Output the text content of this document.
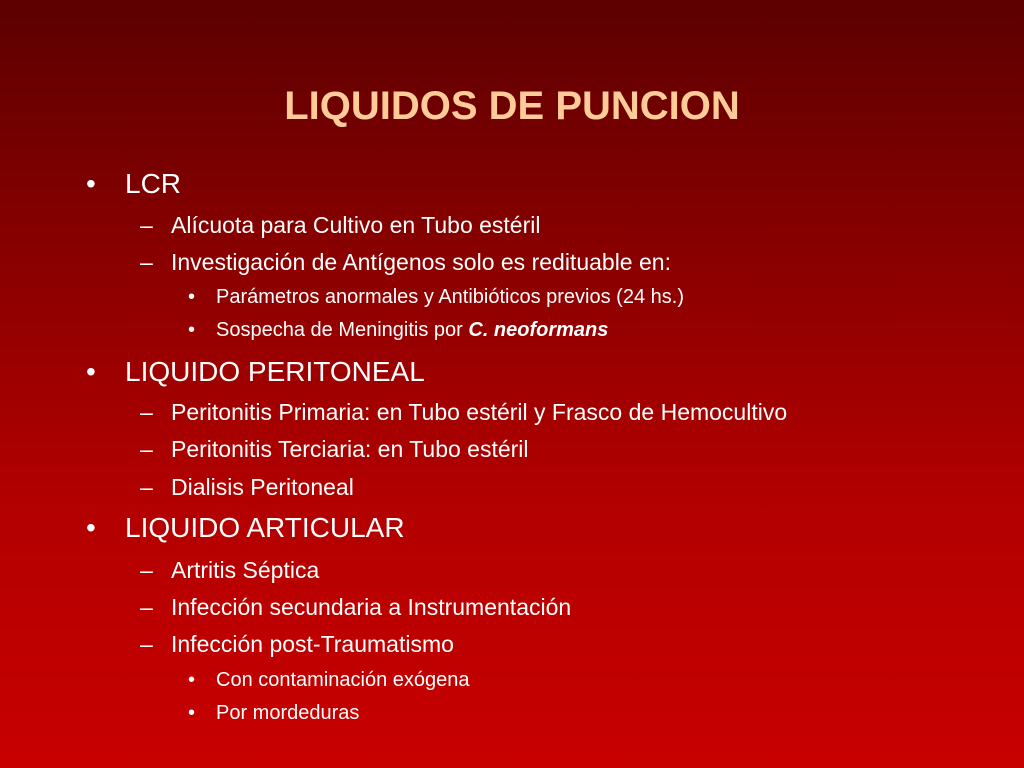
LIQUIDOS DE PUNCION
• LCR
– Alícuota para Cultivo en Tubo estéril
– Investigación de Antígenos solo es redituable en:
• Parámetros anormales y Antibióticos previos (24 hs.)
• Sospecha de Meningitis por C. neoformans
• LIQUIDO PERITONEAL
– Peritonitis Primaria: en Tubo estéril y Frasco de Hemocultivo
– Peritonitis Terciaria: en Tubo estéril
– Dialisis Peritoneal
• LIQUIDO ARTICULAR
– Artritis Séptica
– Infección secundaria a Instrumentación
– Infección post-Traumatismo
• Con contaminación exógena
• Por mordeduras
